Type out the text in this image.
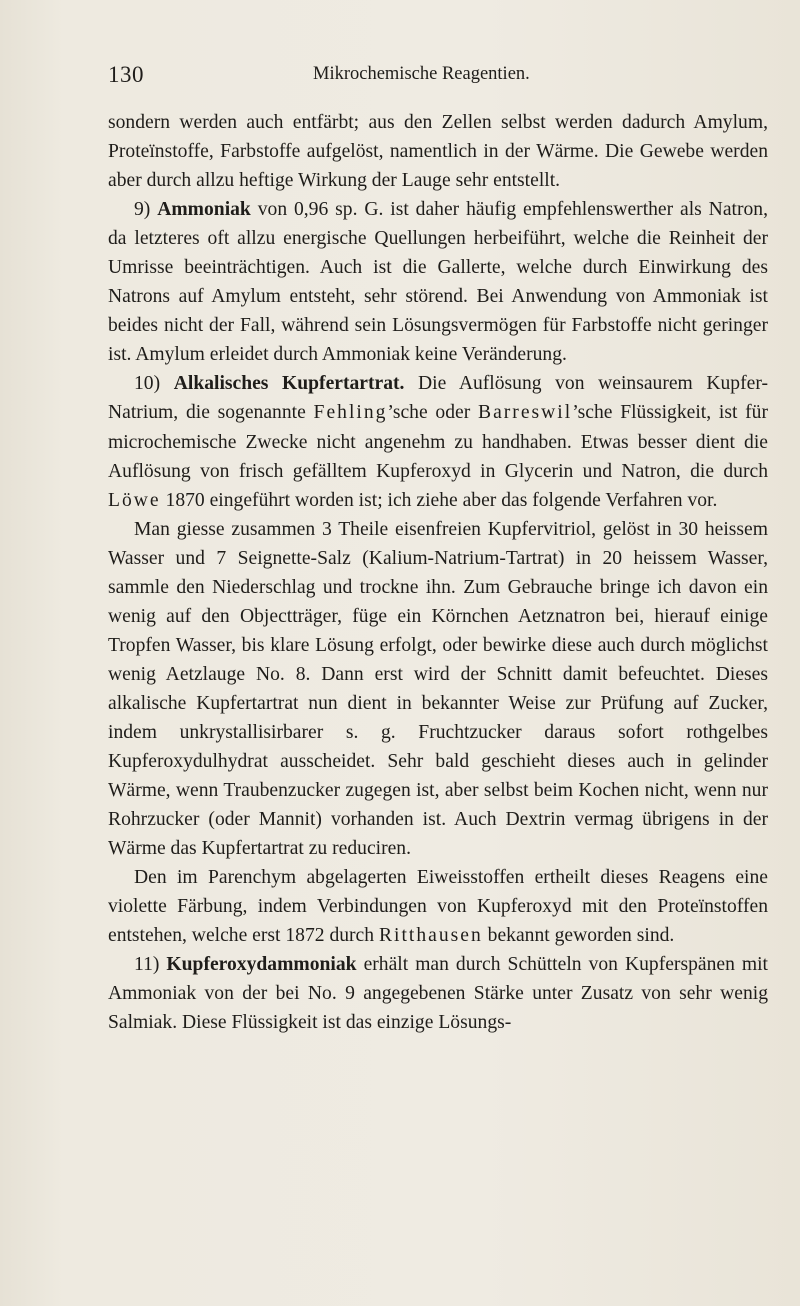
130	Mikrochemische Reagentien.

sondern werden auch entfärbt; aus den Zellen selbst werden dadurch Amylum, Proteïnstoffe, Farbstoffe aufgelöst, namentlich in der Wärme. Die Gewebe werden aber durch allzu heftige Wirkung der Lauge sehr entstellt.

9) Ammoniak von 0,96 sp. G. ist daher häufig empfehlenswerther als Natron, da letzteres oft allzu energische Quellungen herbeiführt, welche die Reinheit der Umrisse beeinträchtigen. Auch ist die Gallerte, welche durch Einwirkung des Natrons auf Amylum entsteht, sehr störend. Bei Anwendung von Ammoniak ist beides nicht der Fall, während sein Lösungsvermögen für Farbstoffe nicht geringer ist. Amylum erleidet durch Ammoniak keine Veränderung.

10) Alkalisches Kupfertartrat. Die Auflösung von weinsaurem Kupfer-Natrium, die sogenannte Fehling’sche oder Barreswil’sche Flüssigkeit, ist für microchemische Zwecke nicht angenehm zu handhaben. Etwas besser dient die Auflösung von frisch gefälltem Kupferoxyd in Glycerin und Natron, die durch Löwe 1870 eingeführt worden ist; ich ziehe aber das folgende Verfahren vor.

Man giesse zusammen 3 Theile eisenfreien Kupfervitriol, gelöst in 30 heissem Wasser und 7 Seignette-Salz (Kalium-Natrium-Tartrat) in 20 heissem Wasser, sammle den Niederschlag und trockne ihn. Zum Gebrauche bringe ich davon ein wenig auf den Objectträger, füge ein Körnchen Aetznatron bei, hierauf einige Tropfen Wasser, bis klare Lösung erfolgt, oder bewirke diese auch durch möglichst wenig Aetzlauge No. 8. Dann erst wird der Schnitt damit befeuchtet. Dieses alkalische Kupfertartrat nun dient in bekannter Weise zur Prüfung auf Zucker, indem unkrystallisirbarer s. g. Fruchtzucker daraus sofort rothgelbes Kupferoxydulhydrat ausscheidet. Sehr bald geschieht dieses auch in gelinder Wärme, wenn Traubenzucker zugegen ist, aber selbst beim Kochen nicht, wenn nur Rohrzucker (oder Mannit) vorhanden ist. Auch Dextrin vermag übrigens in der Wärme das Kupfertartrat zu reduciren.

Den im Parenchym abgelagerten Eiweisstoffen ertheilt dieses Reagens eine violette Färbung, indem Verbindungen von Kupferoxyd mit den Proteïnstoffen entstehen, welche erst 1872 durch Ritthausen bekannt geworden sind.

11) Kupferoxydammoniak erhält man durch Schütteln von Kupferspänen mit Ammoniak von der bei No. 9 angegebenen Stärke unter Zusatz von sehr wenig Salmiak. Diese Flüssigkeit ist das einzige Lösungs-
